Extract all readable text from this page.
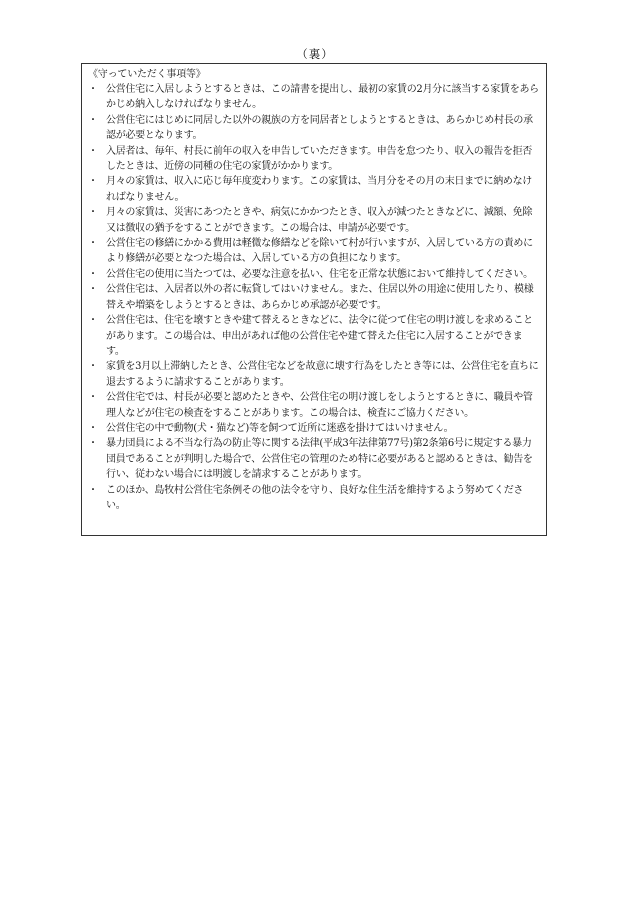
（裏）
《守っていただく事項等》
・ 公営住宅に入居しようとするときは、この請書を提出し、最初の家賃の2月分に該当する家賃をあらかじめ納入しなければなりません。
・ 公営住宅にはじめに同居した以外の親族の方を同居者としようとするときは、あらかじめ村長の承認が必要となります。
・ 入居者は、毎年、村長に前年の収入を申告していただきます。申告を怠つたり、収入の報告を拒否したときは、近傍の同種の住宅の家賃がかかります。
・ 月々の家賃は、収入に応じ毎年度変わります。この家賃は、当月分をその月の末日までに納めなければなりません。
・ 月々の家賃は、災害にあつたときや、病気にかかつたとき、収入が減つたときなどに、減額、免除又は徴収の猶予をすることができます。この場合は、申請が必要です。
・ 公営住宅の修繕にかかる費用は軽微な修繕などを除いて村が行いますが、入居している方の責めにより修繕が必要となつた場合は、入居している方の負担になります。
・ 公営住宅の使用に当たつては、必要な注意を払い、住宅を正常な状態において維持してください。
・ 公営住宅は、入居者以外の者に転貸してはいけません。また、住居以外の用途に使用したり、模様替えや増築をしようとするときは、あらかじめ承認が必要です。
・ 公営住宅は、住宅を壊すときや建て替えるときなどに、法令に従つて住宅の明け渡しを求めることがあります。この場合は、申出があれば他の公営住宅や建て替えた住宅に入居することができます。
・ 家賃を3月以上滞納したとき、公営住宅などを故意に壊す行為をしたとき等には、公営住宅を直ちに退去するように請求することがあります。
・ 公営住宅では、村長が必要と認めたときや、公営住宅の明け渡しをしようとするときに、職員や管理人などが住宅の検査をすることがあります。この場合は、検査にご協力ください。
・ 公営住宅の中で動物(犬・猫など)等を飼つて近所に迷惑を掛けてはいけません。
・ 暴力団員による不当な行為の防止等に関する法律(平成3年法律第77号)第2条第6号に規定する暴力団員であることが判明した場合で、公営住宅の管理のため特に必要があると認めるときは、勧告を行い、従わない場合には明渡しを請求することがあります。
・ このほか、島牧村公営住宅条例その他の法令を守り、良好な住生活を維持するよう努めてください。
